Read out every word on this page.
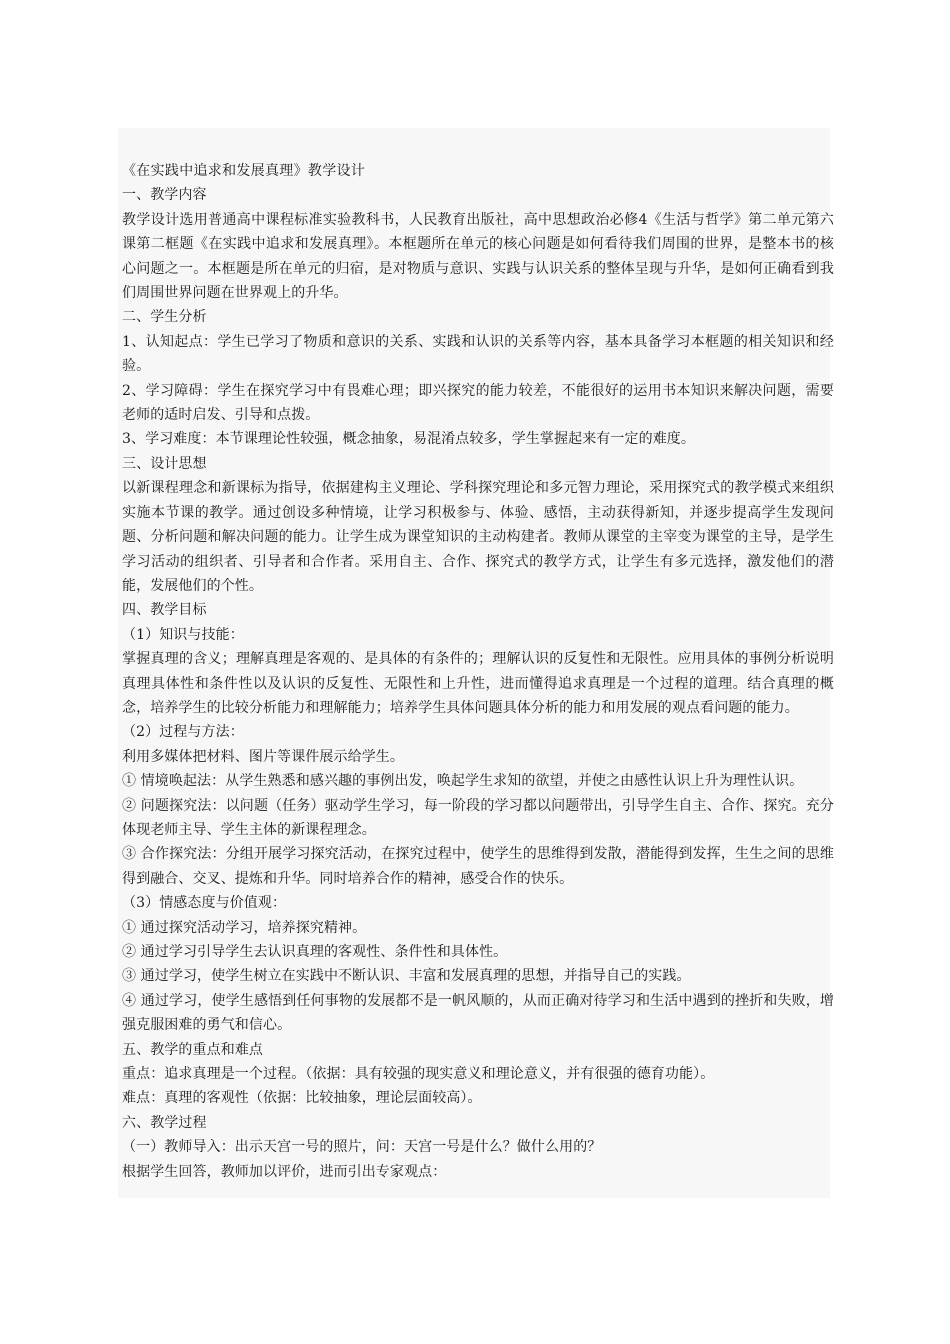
《在实践中追求和发展真理》教学设计

一、教学内容

教学设计选用普通高中课程标准实验教科书，人民教育出版社，高中思想政治必修4《生活与哲学》第二单元第六课第二框题《在实践中追求和发展真理》。本框题所在单元的核心问题是如何看待我们周围的世界，是整本书的核心问题之一。本框题是所在单元的归宿，是对物质与意识、实践与认识关系的整体呈现与升华，是如何正确看到我们周围世界问题在世界观上的升华。

二、学生分析

1、认知起点：学生已学习了物质和意识的关系、实践和认识的关系等内容，基本具备学习本框题的相关知识和经验。

2、学习障碍：学生在探究学习中有畏难心理；即兴探究的能力较差，不能很好的运用书本知识来解决问题，需要老师的适时启发、引导和点拨。

3、学习难度：本节课理论性较强，概念抽象，易混淆点较多，学生掌握起来有一定的难度。

三、设计思想

以新课程理念和新课标为指导，依据建构主义理论、学科探究理论和多元智力理论，采用探究式的教学模式来组织实施本节课的教学。通过创设多种情境，让学习积极参与、体验、感悟，主动获得新知，并逐步提高学生发现问题、分析问题和解决问题的能力。让学生成为课堂知识的主动构建者。教师从课堂的主宰变为课堂的主导，是学生学习活动的组织者、引导者和合作者。采用自主、合作、探究式的教学方式，让学生有多元选择，激发他们的潜能，发展他们的个性。

四、教学目标

（1）知识与技能：

掌握真理的含义；理解真理是客观的、是具体的有条件的；理解认识的反复性和无限性。应用具体的事例分析说明真理具体性和条件性以及认识的反复性、无限性和上升性，进而懂得追求真理是一个过程的道理。结合真理的概念，培养学生的比较分析能力和理解能力；培养学生具体问题具体分析的能力和用发展的观点看问题的能力。

（2）过程与方法：

利用多媒体把材料、图片等课件展示给学生。

① 情境唤起法：从学生熟悉和感兴趣的事例出发，唤起学生求知的欲望，并使之由感性认识上升为理性认识。

② 问题探究法：以问题（任务）驱动学生学习，每一阶段的学习都以问题带出，引导学生自主、合作、探究。充分体现老师主导、学生主体的新课程理念。

③ 合作探究法：分组开展学习探究活动，在探究过程中，使学生的思维得到发散，潜能得到发挥，生生之间的思维得到融合、交叉、提炼和升华。同时培养合作的精神，感受合作的快乐。

（3）情感态度与价值观：

① 通过探究活动学习，培养探究精神。

② 通过学习引导学生去认识真理的客观性、条件性和具体性。

③ 通过学习，使学生树立在实践中不断认识、丰富和发展真理的思想，并指导自己的实践。

④ 通过学习，使学生感悟到任何事物的发展都不是一帆风顺的，从而正确对待学习和生活中遇到的挫折和失败，增强克服困难的勇气和信心。

五、教学的重点和难点

重点：追求真理是一个过程。（依据：具有较强的现实意义和理论意义，并有很强的德育功能）。

难点：真理的客观性（依据：比较抽象，理论层面较高）。

六、教学过程

（一）教师导入：出示天宫一号的照片，问：天宫一号是什么？做什么用的？

根据学生回答，教师加以评价，进而引出专家观点：
